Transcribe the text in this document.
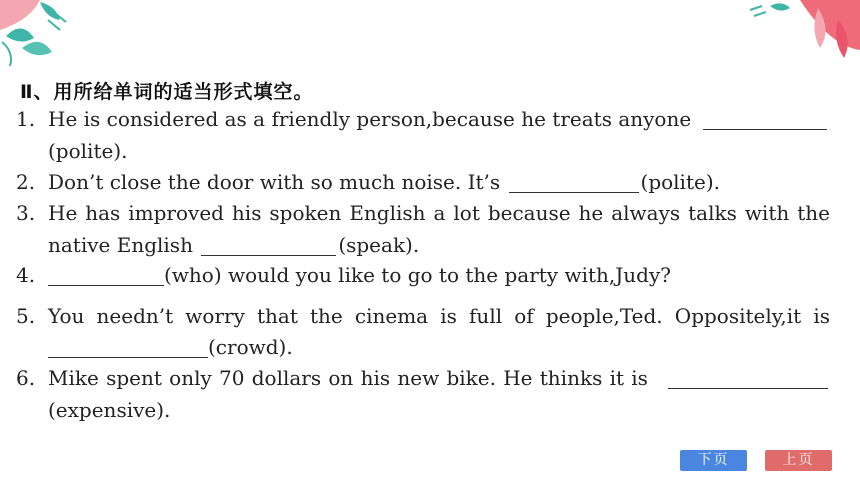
Ⅱ、用所给单词的适当形式填空。
1. He is considered as a friendly person,because he treats anyone
(polite).
2. Don’t close the door with so much noise. It’s	(polite).
3. He has improved his spoken English a lot because he always talks with the
native English	(speak).
4.	(who) would you like to go to the party with,Judy?
5. You needn’t worry that the cinema is full of people,Ted. Oppositely,it is
(crowd).
6. Mike spent only 70 dollars on his new bike. He thinks it is
(expensive).
下页	上页
